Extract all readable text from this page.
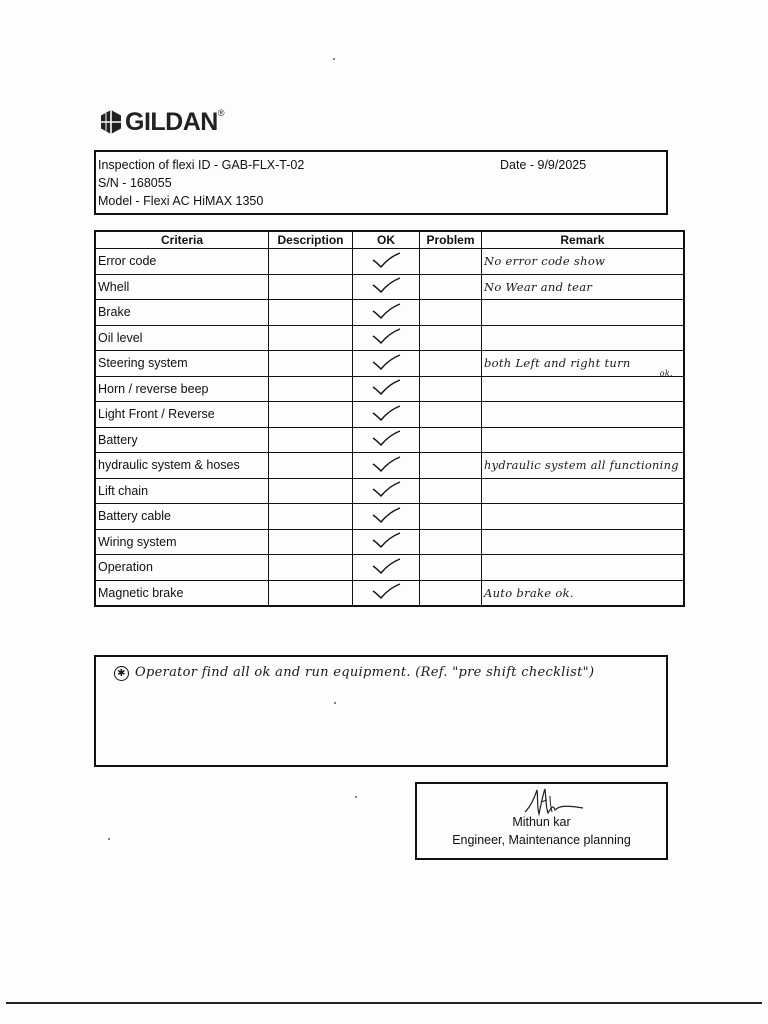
GILDAN®
Inspection of flexi ID - GAB-FLX-T-02	Date - 9/9/2025
S/N - 168055
Model - Flexi AC HiMAX 1350
Criteria	Description	OK	Problem	Remark
Error code				No error code show
Whell				No Wear and tear
Brake				
Oil level				
Steering system				both Left and right turn
ok.

Horn / reverse beep				
Light Front / Reverse				
Battery				
hydraulic system & hoses				hydraulic system all functioning
Lift chain				
Battery cable				
Wiring system				
Operation				
Magnetic brake				Auto brake ok.
✱ Operator find all ok and run equipment. (Ref. "pre shift checklist")
Mithun kar
Engineer, Maintenance planning
